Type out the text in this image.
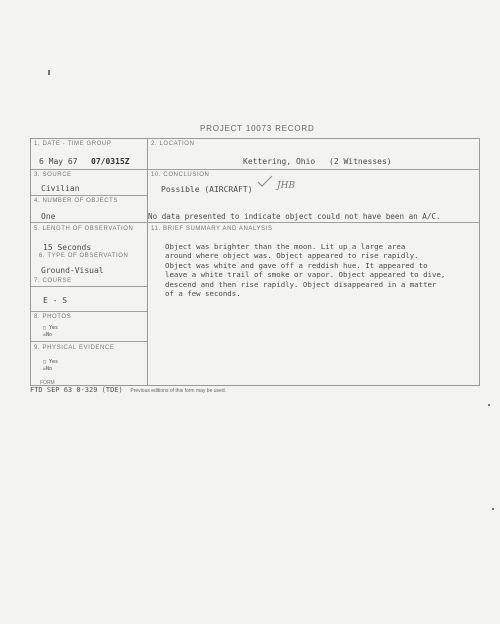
PROJECT 10073 RECORD
1. DATE - TIME GROUP
6 May 67 07/0315Z
2. LOCATION
Kettering, Ohio (2 Witnesses)
3. SOURCE
Civilian
10. CONCLUSION
Possible (AIRCRAFT)	JHB
4. NUMBER OF OBJECTS
One	No data presented to indicate object could not have been an A/C.
5. LENGTH OF OBSERVATION
15 Seconds
11. BRIEF SUMMARY AND ANALYSIS
Object was brighter than the moon. Lit up a large area
around where object was. Object appeared to rise rapidly.
Object was white and gave off a reddish hue. It appeared to
leave a white trail of smoke or vapor. Object appeared to dive,
descend and then rise rapidly. Object disappeared in a matter
of a few seconds.
6. TYPE OF OBSERVATION
Ground-Visual
7. COURSE
E - S
8. PHOTOS
□ Yes
☒No
9. PHYSICAL EVIDENCE
□ Yes
☒No
FORM
FTD SEP 63 0-329 (TDE) Previous editions of this form may be used.
